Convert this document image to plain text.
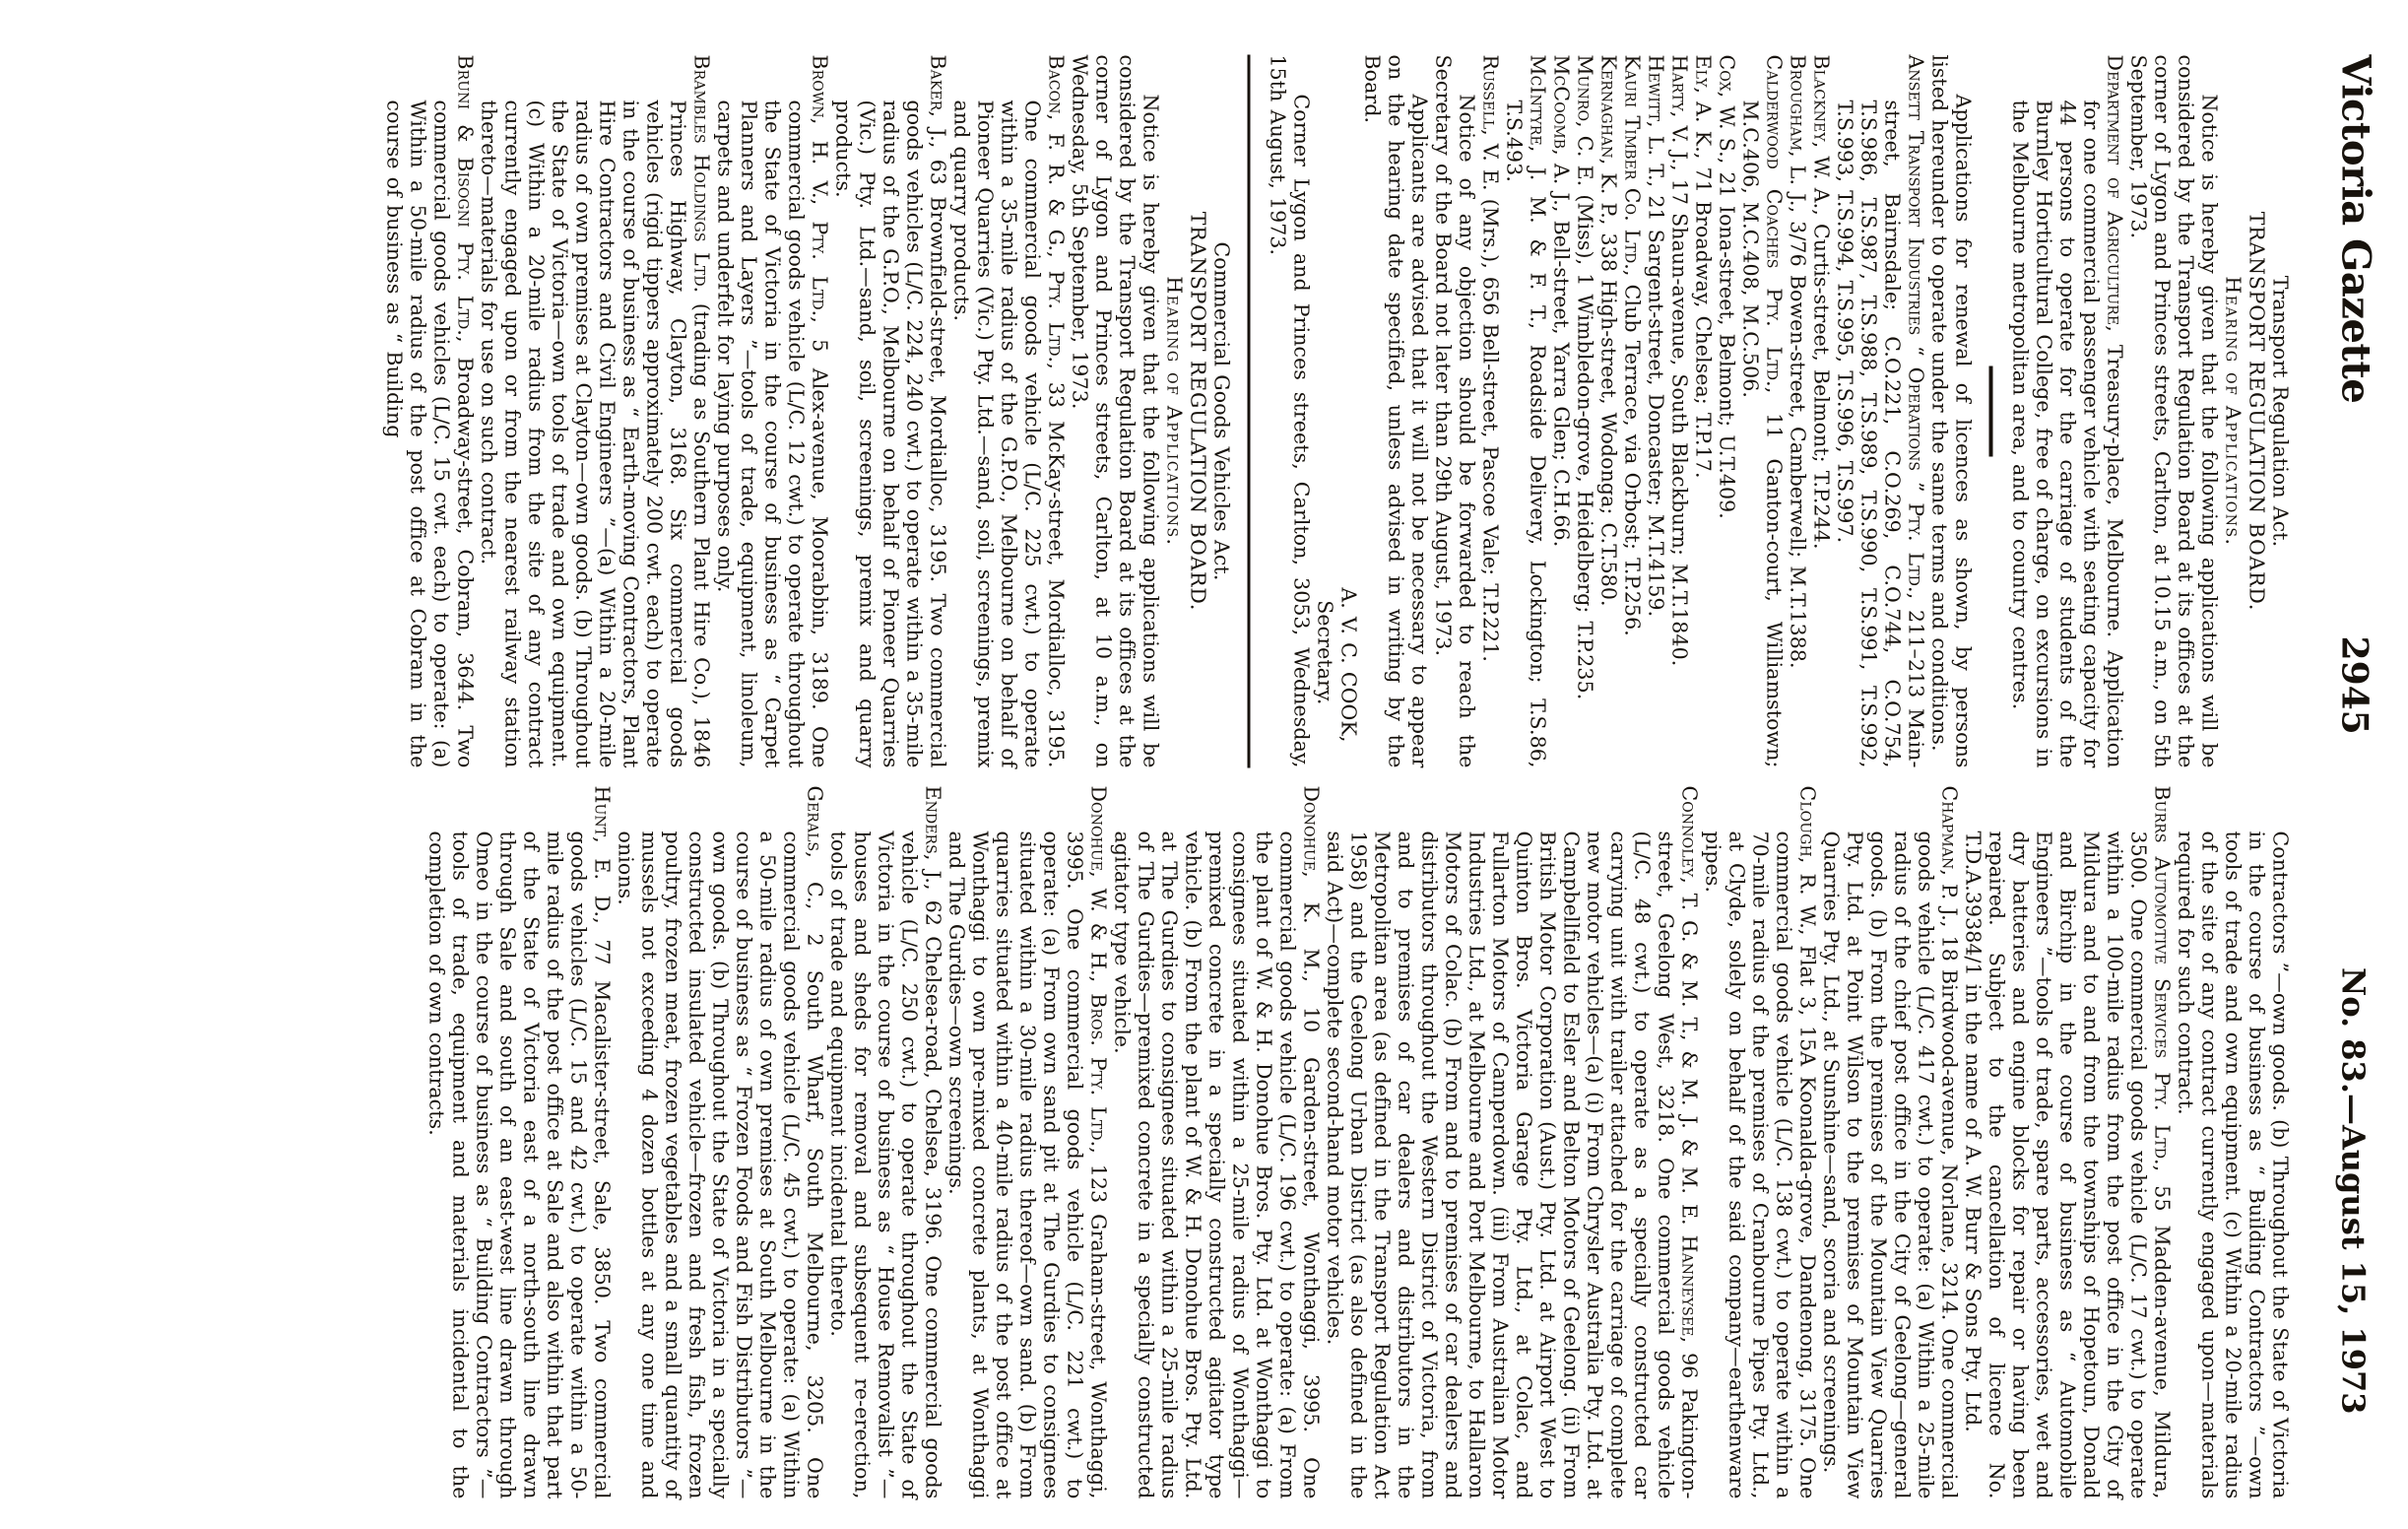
Victoria Gazette
2945
No. 83.—August 15, 1973

Transport Regulation Act.

TRANSPORT REGULATION BOARD.

Hearing of Applications.

Notice is hereby given that the following applications will be considered by the Transport Regulation Board at its offices at the corner of Lygon and Princes streets, Carlton, at 10.15 a.m., on 5th September, 1973.

Department of Agriculture, Treasury-place, Melbourne. Application for one commercial passenger vehicle with seating capacity for 44 persons to operate for the carriage of students of the Burnley Horticultural College, free of charge, on excursions in the Melbourne metropolitan area, and to country centres.

Applications for renewal of licences as shown, by persons listed hereunder to operate under the same terms and conditions.

Ansett Transport Industries “ Operations ” Pty. Ltd., 211–213 Main-street, Bairnsdale; C.O.221, C.O.269, C.O.744, C.O.754, T.S.986, T.S.987, T.S.988, T.S.989, T.S.990, T.S.991, T.S.992, T.S.993, T.S.994, T.S.995, T.S.996, T.S.997.

Blackney, W. A., Curtis-street, Belmont; T.P.244.

Brougham, L. J., 3/76 Bowen-street, Camberwell; M.T.1388.

Calderwood Coaches Pty. Ltd., 11 Ganton-court, Williamstown; M.C.406, M.C.408, M.C.506.

Cox, W. S., 21 Iona-street, Belmont; U.T.409.

Ely, A. K., 71 Broadway, Chelsea; T.P.17.

Harty, V. J., 17 Shaun-avenue, South Blackburn; M.T.1840.

Hewitt, L. T., 21 Sargent-street, Doncaster; M.T.4159.

Kauri Timber Co. Ltd., Club Terrace, via Orbost; T.P.256.

Kernaghan, K. P., 338 High-street, Wodonga; C.T.580.

Munro, C. E. (Miss), 1 Wimbledon-grove, Heidelberg; T.P.235.

McCoomb, A. J., Bell-street, Yarra Glen; C.H.66.

McIntyre, J. M. & F. T., Roadside Delivery, Lockington; T.S.86, T.S.493.

Russell, V. E. (Mrs.), 656 Bell-street, Pascoe Vale; T.P.221.

Notice of any objection should be forwarded to reach the Secretary of the Board not later than 29th August, 1973.

Applicants are advised that it will not be necessary to appear on the hearing date specified, unless advised in writing by the Board.

A. V. C. COOK,

Secretary.

Corner Lygon and Princes streets, Carlton, 3053, Wednesday, 15th August, 1973.

Commercial Goods Vehicles Act.

TRANSPORT REGULATION BOARD.

Hearing of Applications.

Notice is hereby given that the following applications will be considered by the Transport Regulation Board at its offices at the corner of Lygon and Princes streets, Carlton, at 10 a.m., on Wednesday, 5th September, 1973.

Bacon, F. R. & G., Pty. Ltd., 33 McKay-street, Mordialloc, 3195. One commercial goods vehicle (L/C. 225 cwt.) to operate within a 35-mile radius of the G.P.O., Melbourne on behalf of Pioneer Quarries (Vic.) Pty. Ltd.—sand, soil, screenings, premix and quarry products.

Baker, J., 63 Brownfield-street, Mordialloc, 3195. Two commercial goods vehicles (L/C. 224, 240 cwt.) to operate within a 35-mile radius of the G.P.O., Melbourne on behalf of Pioneer Quarries (Vic.) Pty. Ltd.—sand, soil, screenings, premix and quarry products.

Brown, H. V., Pty. Ltd., 5 Alex-avenue, Moorabbin, 3189. One commercial goods vehicle (L/C. 12 cwt.) to operate throughout the State of Victoria in the course of business as “ Carpet Planners and Layers ”—tools of trade, equipment, linoleum, carpets and underfelt for laying purposes only.

Brambles Holdings Ltd. (trading as Southern Plant Hire Co.), 1846 Princes Highway, Clayton, 3168. Six commercial goods vehicles (rigid tippers approximately 200 cwt. each) to operate in the course of business as “ Earth-moving Contractors, Plant Hire Contractors and Civil Engineers ”—(a) Within a 20-mile radius of own premises at Clayton—own goods. (b) Throughout the State of Victoria—own tools of trade and own equipment. (c) Within a 20-mile radius from the site of any contract currently engaged upon or from the nearest railway station thereto—materials for use on such contract.

Bruni & Bisogni Pty. Ltd., Broadway-street, Cobram, 3644. Two commercial goods vehicles (L/C. 15 cwt. each) to operate: (a) Within a 50-mile radius of the post office at Cobram in the course of business as “ Building

Contractors ”—own goods. (b) Throughout the State of Victoria in the course of business as “ Building Contractors ”—own tools of trade and own equipment. (c) Within a 20-mile radius of the site of any contract currently engaged upon—materials required for such contract.

Burrs Automotive Services Pty. Ltd., 55 Madden-avenue, Mildura, 3500. One commercial goods vehicle (L/C. 17 cwt.) to operate within a 100-mile radius from the post office in the City of Mildura and to and from the townships of Hopetoun, Donald and Birchip in the course of business as “ Automobile Engineers ”—tools of trade, spare parts, accessories, wet and dry batteries and engine blocks for repair or having been repaired. Subject to the cancellation of licence No. T.D.A.39384/1 in the name of A. W. Burr & Sons Pty. Ltd.

Chapman, P. J., 18 Birdwood-avenue, Norlane, 3214. One commercial goods vehicle (L/C. 417 cwt.) to operate: (a) Within a 25-mile radius of the chief post office in the City of Geelong—general goods. (b) From the premises of the Mountain View Quarries Pty. Ltd. at Point Wilson to the premises of Mountain View Quarries Pty. Ltd., at Sunshine—sand, scoria and screenings.

Clough, R. W., Flat 3, 15A Koonalda-grove, Dandenong, 3175. One commercial goods vehicle (L/C. 138 cwt.) to operate within a 70-mile radius of the premises of Cranbourne Pipes Pty. Ltd., at Clyde, solely on behalf of the said company—earthenware pipes.

Connoley, T. G. & M. T., & M. J. & M. E. Hanneysee, 96 Pakington-street, Geelong West, 3218. One commercial goods vehicle (L/C. 48 cwt.) to operate as a specially constructed car carrying unit with trailer attached for the carriage of complete new motor vehicles—(a) (i) From Chrysler Australia Pty. Ltd. at Campbellfield to Esler and Belton Motors of Geelong. (ii) From British Motor Corporation (Aust.) Pty. Ltd. at Airport West to Quinton Bros. Victoria Garage Pty. Ltd., at Colac, and Fullarton Motors of Camperdown. (iii) From Australian Motor Industries Ltd., at Melbourne and Port Melbourne, to Hallaron Motors of Colac. (b) From and to premises of car dealers and distributors throughout the Western District of Victoria, from and to premises of car dealers and distributors in the Metropolitan area (as defined in the Transport Regulation Act 1958) and the Geelong Urban District (as also defined in the said Act)—complete second-hand motor vehicles.

Donohue, K. M., 10 Garden-street, Wonthaggi, 3995. One commercial goods vehicle (L/C. 196 cwt.) to operate: (a) From the plant of W. & H. Donohue Bros. Pty. Ltd. at Wonthaggi to consignees situated within a 25-mile radius of Wonthaggi—premixed concrete in a specially constructed agitator type vehicle. (b) From the plant of W. & H. Donohue Bros. Pty. Ltd. at The Gurdies to consignees situated within a 25-mile radius of The Gurdies—premixed concrete in a specially constructed agitator type vehicle.

Donohue, W. & H., Bros. Pty. Ltd., 123 Graham-street, Wonthaggi, 3995. One commercial goods vehicle (L/C. 221 cwt.) to operate: (a) From own sand pit at The Gurdies to consignees situated within a 30-mile radius thereof—own sand. (b) From quarries situated within a 40-mile radius of the post office at Wonthaggi to own pre-mixed concrete plants, at Wonthaggi and The Gurdies—own screenings.

Enders, J., 62 Chelsea-road, Chelsea, 3196. One commercial goods vehicle (L/C. 250 cwt.) to operate throughout the State of Victoria in the course of business as “ House Removalist ”—houses and sheds for removal and subsequent re-erection, tools of trade and equipment incidental thereto.

Gerals, C., 2 South Wharf, South Melbourne, 3205. One commercial goods vehicle (L/C. 45 cwt.) to operate: (a) Within a 50-mile radius of own premises at South Melbourne in the course of business as “ Frozen Foods and Fish Distributors ”—own goods. (b) Throughout the State of Victoria in a specially constructed insulated vehicle—frozen and fresh fish, frozen poultry, frozen meat, frozen vegetables and a small quantity of mussels not exceeding 4 dozen bottles at any one time and onions.

Hunt, E. D., 77 Macalister-street, Sale, 3850. Two commercial goods vehicles (L/C. 15 and 42 cwt.) to operate within a 50-mile radius of the post office at Sale and also within that part of the State of Victoria east of a north-south line drawn through Sale and south of an east-west line drawn through Omeo in the course of business as “ Building Contractors ”—tools of trade, equipment and materials incidental to the completion of own contracts.
